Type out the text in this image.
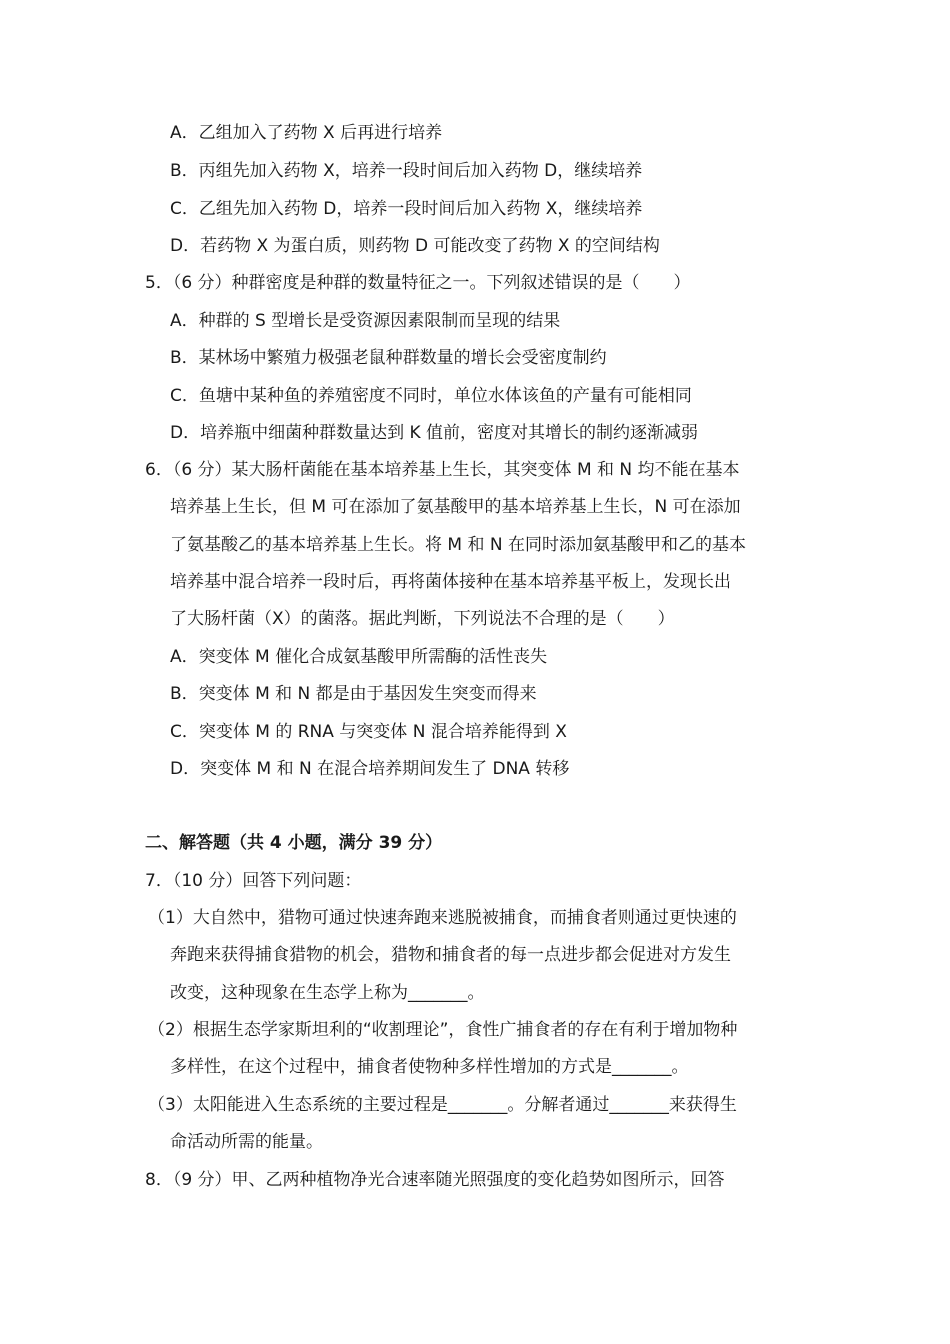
A．乙组加入了药物 X 后再进行培养
B．丙组先加入药物 X，培养一段时间后加入药物 D，继续培养
C．乙组先加入药物 D，培养一段时间后加入药物 X，继续培养
D．若药物 X 为蛋白质，则药物 D 可能改变了药物 X 的空间结构
5．（6 分）种群密度是种群的数量特征之一。下列叙述错误的是（　　）
A．种群的 S 型增长是受资源因素限制而呈现的结果
B．某林场中繁殖力极强老鼠种群数量的增长会受密度制约
C．鱼塘中某种鱼的养殖密度不同时，单位水体该鱼的产量有可能相同
D．培养瓶中细菌种群数量达到 K 值前，密度对其增长的制约逐渐减弱
6．（6 分）某大肠杆菌能在基本培养基上生长，其突变体 M 和 N 均不能在基本
培养基上生长，但 M 可在添加了氨基酸甲的基本培养基上生长，N 可在添加
了氨基酸乙的基本培养基上生长。将 M 和 N 在同时添加氨基酸甲和乙的基本
培养基中混合培养一段时后，再将菌体接种在基本培养基平板上，发现长出
了大肠杆菌（X）的菌落。据此判断，下列说法不合理的是（　　）
A．突变体 M 催化合成氨基酸甲所需酶的活性丧失
B．突变体 M 和 N 都是由于基因发生突变而得来
C．突变体 M 的 RNA 与突变体 N 混合培养能得到 X
D．突变体 M 和 N 在混合培养期间发生了 DNA 转移
二、解答题（共 4 小题，满分 39 分）
7．（10 分）回答下列问题：
（1）大自然中，猎物可通过快速奔跑来逃脱被捕食，而捕食者则通过更快速的
奔跑来获得捕食猎物的机会，猎物和捕食者的每一点进步都会促进对方发生
改变，这种现象在生态学上称为_______。
（2）根据生态学家斯坦利的“收割理论”，食性广捕食者的存在有利于增加物种
多样性，在这个过程中，捕食者使物种多样性增加的方式是_______。
（3）太阳能进入生态系统的主要过程是_______。分解者通过_______来获得生
命活动所需的能量。
8．（9 分）甲、乙两种植物净光合速率随光照强度的变化趋势如图所示，回答
